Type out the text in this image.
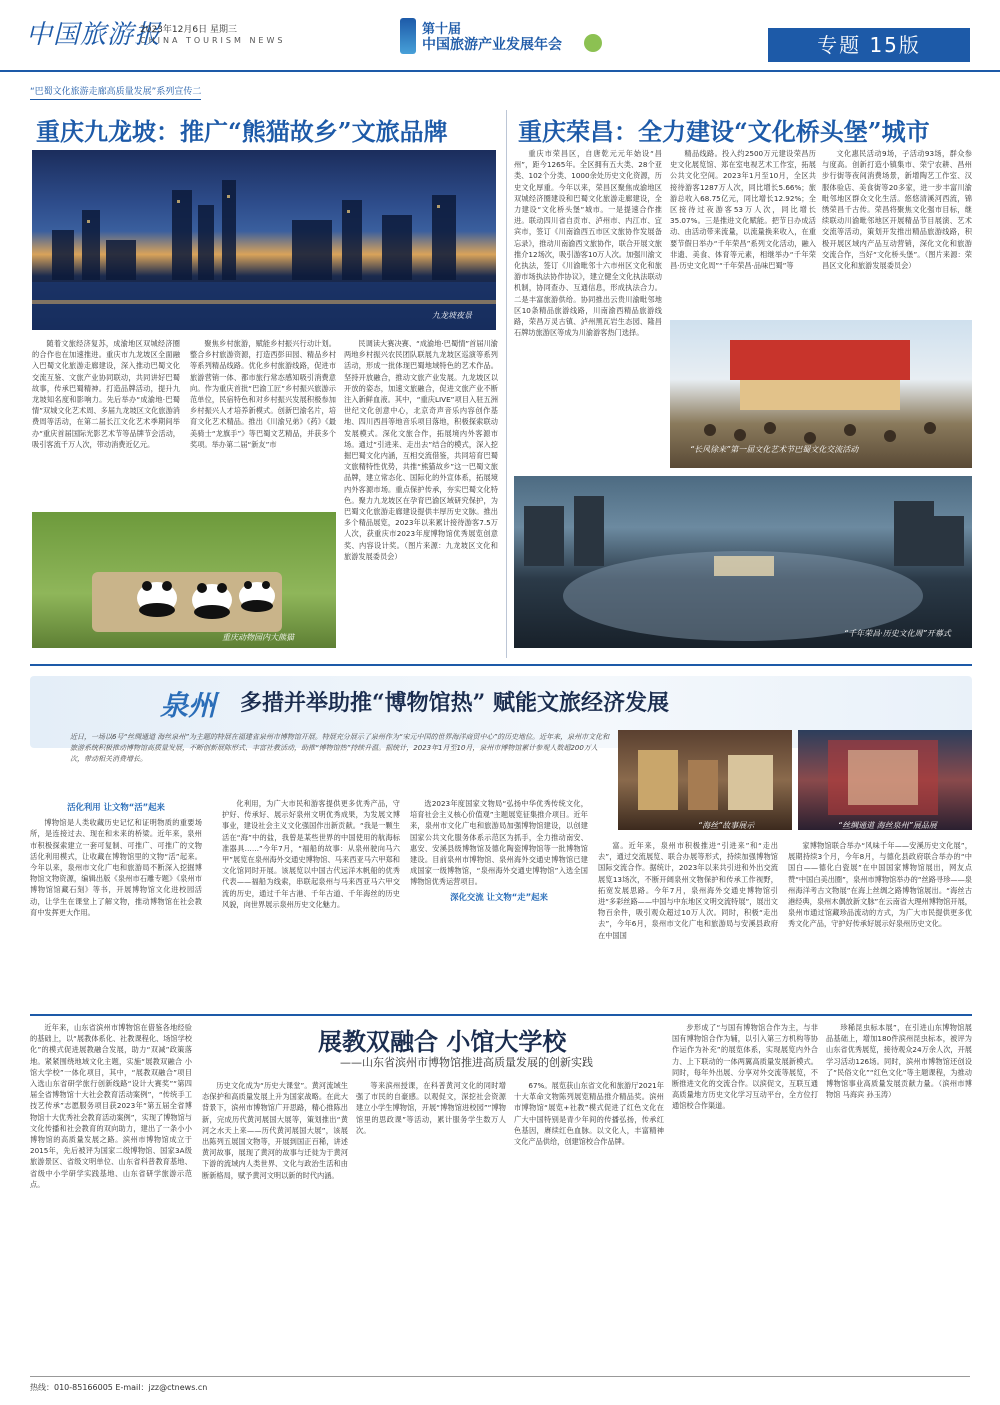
中国旅游报
2023年12月6日 星期三
CHINA TOURISM NEWS
第十届
中国旅游产业发展年会	专题 15版
“巴蜀文化旅游走廊高质量发展”系列宣传二
重庆九龙坡：推广“熊猫故乡”文旅品牌
九龙坡夜景

随着文旅经济复苏，成渝地区双城经济圈的合作也在加速推进。重庆市九龙坡区全面融入巴蜀文化旅游走廊建设，深入推动巴蜀文化交流互鉴、文旅产业协同联动，共同讲好巴蜀故事，传承巴蜀精神。打造品牌活动，提升九龙坡知名度和影响力。先后举办“成渝地·巴蜀情”双城文化艺术周、多届九龙坡区文化旅游消费周等活动，在第二届长江文化艺术季期间举办“重庆首届国际光影艺术节等品牌节会活动，吸引客流千万人次，带动消费近亿元。

聚焦乡村旅游，赋能乡村振兴行动计划。整合乡村旅游资源，打造西彭田园、精品乡村等系列精品线路。优化乡村旅游线路，促进市旅游营销一体、都市旅行常态感知吸引消费意向。作为重庆首批“巴渝工匠”乡村振兴旅游示范单位，民宿特色和对乡村振兴发展积极参加乡村振兴人才培养新模式。创新巴渝名片，培育文化艺术精品。推出《川渝兄弟》《药》《最美骑士“龙旗手”》等巴蜀文艺精品，并获多个奖项。举办第二届“新友”市

民调读大赛决赛、“成渝地·巴蜀情”首届川渝两地乡村振兴农民团队联展九龙坡区巡演等系列活动，形成一批体现巴蜀地域特色的艺术作品。坚持开放融合，推动文旅产业发展。九龙坡区以开放的姿态，加速文旅融合，促进文旅产业不断注入新鲜血液。其中，“重庆LIVE”项目入驻五洲世纪文化创意中心，北京奇声音乐内容创作基地、四川西昌等地音乐项目落地，积极探索联动发展模式。深化文旅合作，拓展境内外客源市场。通过“引进来、走出去”结合的模式，深入挖掘巴蜀文化内涵，互相交流借鉴，共同培育巴蜀文旅精特性优势，共推“熊猫故乡”这一巴蜀文旅品牌，建立常态化、国际化的外宣体系，拓展境内外客源市场。重点保护传承，夯实巴蜀文化特色。聚力九龙坡区在孕育巴渝区域研究保护，为巴蜀文化旅游走廊建设提供丰厚历史文脉。推出多个精品展览，2023年以来累计接待游客7.5万人次，获重庆市2023年度博物馆优秀展览创意奖、内容设计奖。（图片来源：九龙坡区文化和旅游发展委员会）

重庆动物园内大熊猫
重庆荣昌：全力建设“文化桥头堡”城市

重庆市荣昌区，自唐乾元元年始设“昌州”，距今1265年。全区拥有五大类、28个亚类、102个分类、1000余处历史文化资源，历史文化厚重。今年以来，荣昌区聚焦成渝地区双城经济圈建设和巴蜀文化旅游走廊建设，全力建设“文化桥头堡”城市。一是提速合作推进。联动四川省自贡市、泸州市、内江市、宜宾市，签订《川南渝西五市区文旅协作发展备忘录》，推动川南渝西文旅协作，联合开展文旅推介12场次，吸引游客10万人次。加强川渝文化执法，签订《川渝毗邻十六市州区文化和旅游市场执法协作协议》，建立健全文化执法联动机制，协同查办、互通信息，形成执法合力。二是丰富旅游供给。协同推出云贵川渝毗邻地区10条精品旅游线路，川南渝西精品旅游线路，荣昌万灵古镇、泸州黑瓦岩生态园、隆昌石牌坊旅游区等成为川渝游客热门选择。

精品线路。投入约2500万元建设荣昌历史文化展览馆、郑在室电视艺术工作室，拓展公共文化空间。2023年1月至10月，全区共接待游客1287万人次，同比增长5.66%；旅游总收入68.75亿元，同比增长12.92%；全区接待过夜游客53万人次，同比增长35.07%。三是推进文化赋能。把节日办成活动、由活动带来流量，以流量换来收入，在重要节假日举办“千年荣昌”系列文化活动，融入非遗、美食、体育等元素，相继举办“千年荣昌·历史文化周”“千年荣昌·品味巴蜀”等

文化惠民活动9场，子活动93场，群众参与度高。创新打造小镇集市、荣宁农耕、昌州步行街等夜间消费场景，新增陶艺工作室、汉服体验店、美食街等20多家，进一步丰富川渝毗邻地区群众文化生活。悠悠清溪河西流，锦绣荣昌千古传。荣昌将聚焦文化强市目标，继续联动川渝毗邻地区开展精品节目展演、艺术交流等活动，策划开发推出精品旅游线路，积极开展区域内产品互动营销，深化文化和旅游交流合作，当好“文化桥头堡”。（图片来源：荣昌区文化和旅游发展委员会）

“长风徐来”第一届文化艺术节巴蜀文化交流活动
“千年荣昌·历史文化周”开幕式
泉州 多措并举助推“博物馆热” 赋能文旅经济发展
近日，一场以6号“丝绸通道 海丝泉州”为主题的特展在福建省泉州市博物馆开展。特展充分展示了泉州作为“宋元中国的世界海洋商贸中心”的历史地位。近年来，泉州市文化和旅游系统积极推动博物馆高质量发展，不断创新展陈形式、丰富社教活动，助推“博物馆热”持续升温。据统计，2023年1月至10月，泉州市博物馆累计参观人数超200万人次，带动相关消费增长。
“海丝”故事展示	“丝绸通道 海丝泉州”展品展
活化利用 让文物“活”起来

博物馆是人类收藏历史记忆和证明物质的重要场所，是连接过去、现在和未来的桥梁。近年来，泉州市积极探索建立一套可复制、可推广、可推广的文物活化利用模式，让收藏在博物馆里的文物“活”起来。今年以来，泉州市文化广电和旅游局不断深入挖掘博物馆文物资源，编辑出版《泉州市石雕专题》《泉州市博物馆馆藏石刻》等书，开展博物馆文化进校园活动，让学生在课堂上了解文物，推动博物馆在社会教育中发挥更大作用。

化利用，为广大市民和游客提供更多优秀产品，守护好、传承好、展示好泉州文明优秀成果，为发展文博事业，建设社会主义文化强国作出新贡献。“我是一颗生活在“海”中的盐，我曾是某些世界的中国使用的航海标准器具……”今年7月，“福船的故事：从泉州驶向马六甲”展览在泉州海外交通史博物馆、马来西亚马六甲郑和文化馆同时开展。该展览以中国古代远洋木帆船的优秀代表——福船为线索，串联起泉州与马来西亚马六甲交流的历史，通过千年古港、千年古道、千年海丝的历史风貌，向世界展示泉州历史文化魅力。

选2023年度国家文物局“弘扬中华优秀传统文化，培育社会主义核心价值观”主题展览征集推介项目。近年来，泉州市文化广电和旅游局加强博物馆建设，以创建国家公共文化服务体系示范区为抓手，全力推动南安、惠安、安溪县级博物馆及德化陶瓷博物馆等一批博物馆建设。目前泉州市博物馆、泉州海外交通史博物馆已建成国家一级博物馆，“泉州海外交通史博物馆”入选全国博物馆优秀运营项目。

深化交流 让文物“走”起来

富。近年来，泉州市积极推进“引进来”和“走出去”，通过交流展览、联合办展等形式，持续加强博物馆国际交流合作。据统计，2023年以来共引进和外出交流展览13场次，不断开阔泉州文物保护和传承工作视野，拓宽发展思路。今年7月，泉州海外交通史博物馆引进“多彩丝路——中国与中东地区文明交流特展”，展出文物百余件，吸引观众超过10万人次。同时，积极“走出去”，今年6月，泉州市文化广电和旅游局与安溪县政府在中国国

家博物馆联合举办“风味千年——安溪历史文化展”，展期持续3个月，今年8月，与德化县政府联合举办的“中国白——德化白瓷展”在中国国家博物馆展出，网友点赞“中国白美出圈”，泉州市博物馆举办的“丝路寻珍——泉州海洋考古文物展”在海上丝绸之路博物馆展出。“海丝古港经典，泉州木偶放新文脉”在云南省大理州博物馆开展，泉州市通过馆藏珍品流动的方式，为广大市民提供更多优秀文化产品，守护好传承好展示好泉州历史文化。

展教双融合 小馆大学校
——山东省滨州市博物馆推进高质量发展的创新实践

近年来，山东省滨州市博物馆在借鉴各地经验的基础上，以“展教体系化、社教课程化、场馆学校化”的模式促进展教融合发展，助力“双减”政策落地。紧紧围绕地域文化主题，实施“展教双融合 小馆大学校”一体化项目，其中，“展教双融合”项目入选山东省研学旅行创新线路“设计大赛奖”“第四届全省博物馆十大社会教育活动案例”，“传统手工技艺传承”志愿服务项目获2023年“第五届全省博物馆十大优秀社会教育活动案例”，实现了博物馆与文化传播和社会教育的双向助力，建出了一条小小博物馆的高质量发展之路。滨州市博物馆成立于2015年，先后被评为国家二级博物馆、国家3A级旅游景区、省级文明单位、山东省科普教育基地、省级中小学研学实践基地、山东省研学旅游示范点。

历史文化成为“历史大课堂”。黄河流域生态保护和高质量发展上升为国家战略。在此大背景下，滨州市博物馆广开思路，精心推陈出新，完成历代黄河展国大展等，策划推出“黄河之水天上来——历代黄河展国大展”，该展出陈列五展国文物等，开展到国正百稀，讲述黄河故事，展现了黄河的故事与迁徙为于黄河下游的流域内人类世界、文化与政治生活和由断新格局，赋予黄河文明以新的时代内涵。

等来滨州授课，在科普黄河文化的同时增强了市民的自豪感。以观促文，深挖社会资源建立小学生博物馆，开展“博物馆进校园”“博物馆里的思政课”等活动，累计服务学生数万人次。

67%。展览获山东省文化和旅游厅2021年十大革命文物陈列展览精品推介精品奖。滨州市博物馆“展览+社教”模式促进了红色文化在广大中国特别是青少年间的传播弘扬，传承红色基因，赓续红色血脉。以文化人，丰富精神文化产品供给，创建馆校合作品牌。

步形成了“与国有博物馆合作为主，与非国有博物馆合作为辅，以引入第三方机构等协作运作为补充”的展览体系，实现展览内外合力、上下联动的一体两翼高质量发展新模式。同时，每年外出展、分享对外交流等展览，不断推进文化的交流合作。以滨促文，互联互通高质量地方历史文化学习互动平台，全方位打通馆校合作渠道。

珍稀昆虫标本展”，在引进山东博物馆展品基础上，增加180件滨州昆虫标本，被评为山东省优秀展览，接待观众24万余人次，开展学习活动126场。同时，滨州市博物馆还创设了“民俗文化”“红色文化”等主题课程，为推动博物馆事业高质量发展贡献力量。（滨州市博物馆 马海宾 孙玉涛）

热线：010-85166005 E-mail：jzz@ctnews.cn
